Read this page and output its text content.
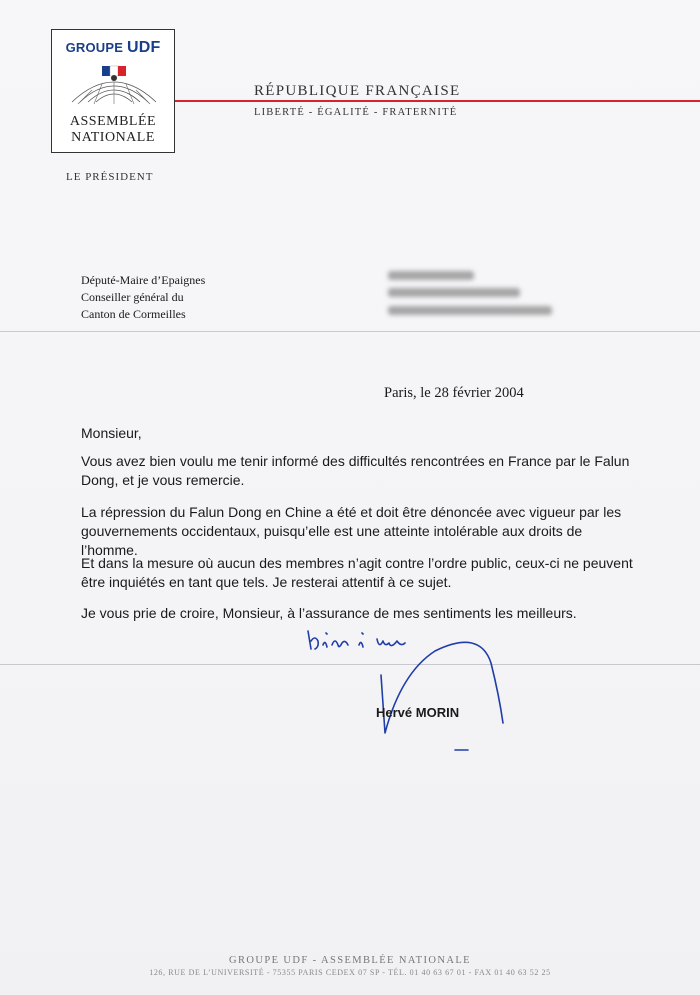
GROUPE UDF
ASSEMBLÉE
NATIONALE
LE PRÉSIDENT
RÉPUBLIQUE FRANÇAISE
LIBERTÉ - ÉGALITÉ - FRATERNITÉ
Député-Maire d’Epaignes
Conseiller général du
Canton de Cormeilles
Paris, le 28 février 2004

Monsieur,

Vous avez bien voulu me tenir informé des difficultés rencontrées en France par le Falun Dong, et je vous remercie.

La répression du Falun Dong en Chine a été et doit être dénoncée avec vigueur par les gouvernements occidentaux, puisqu’elle est une atteinte intolérable aux droits de l’homme.

Et dans la mesure où aucun des membres n’agit contre l’ordre public, ceux-ci ne peuvent être inquiétés en tant que tels. Je resterai attentif à ce sujet.

Je vous prie de croire, Monsieur, à l’assurance de mes sentiments les meilleurs.

Hervé MORIN
GROUPE UDF - ASSEMBLÉE NATIONALE
126, RUE DE L’UNIVERSITÉ - 75355 PARIS CEDEX 07 SP - TÉL. 01 40 63 67 01 - FAX 01 40 63 52 25
